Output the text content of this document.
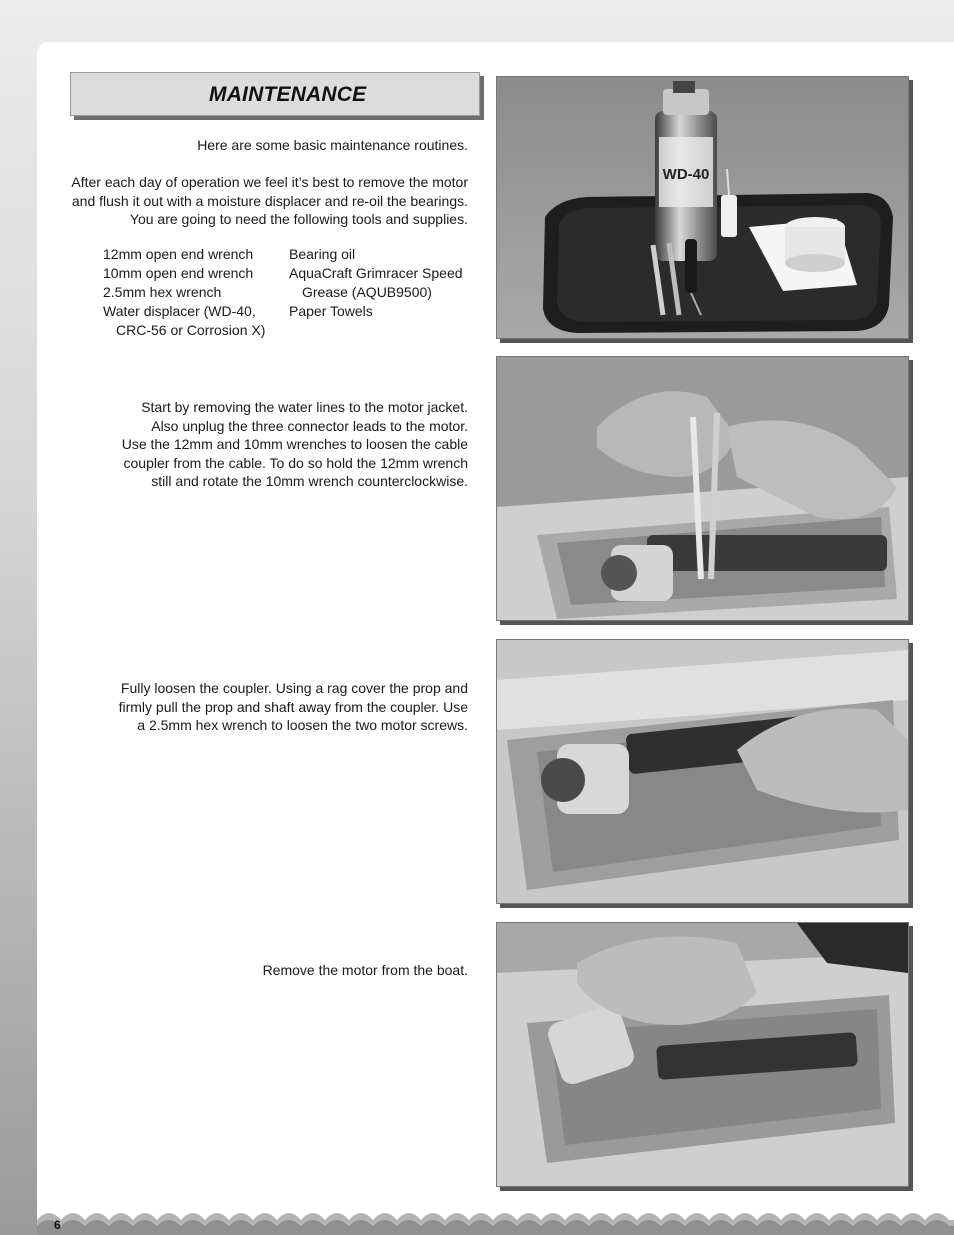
MAINTENANCE
Here are some basic maintenance routines.
After each day of operation we feel it’s best to remove the motor
and flush it out with a moisture displacer and re-oil the bearings.
You are going to need the following tools and supplies.
12mm open end wrench
10mm open end wrench
2.5mm hex wrench
Water displacer (WD-40,
CRC-56 or Corrosion X)
Bearing oil
AquaCraft Grimracer Speed
Grease (AQUB9500)
Paper Towels
Start by removing the water lines to the motor jacket.
Also unplug the three connector leads to the motor.
Use the 12mm and 10mm wrenches to loosen the cable
coupler from the cable. To do so hold the 12mm wrench
still and rotate the 10mm wrench counterclockwise.
Fully loosen the coupler. Using a rag cover the prop and
firmly pull the prop and shaft away from the coupler. Use
a 2.5mm hex wrench to loosen the two motor screws.
Remove the motor from the boat.
WD-40
6
